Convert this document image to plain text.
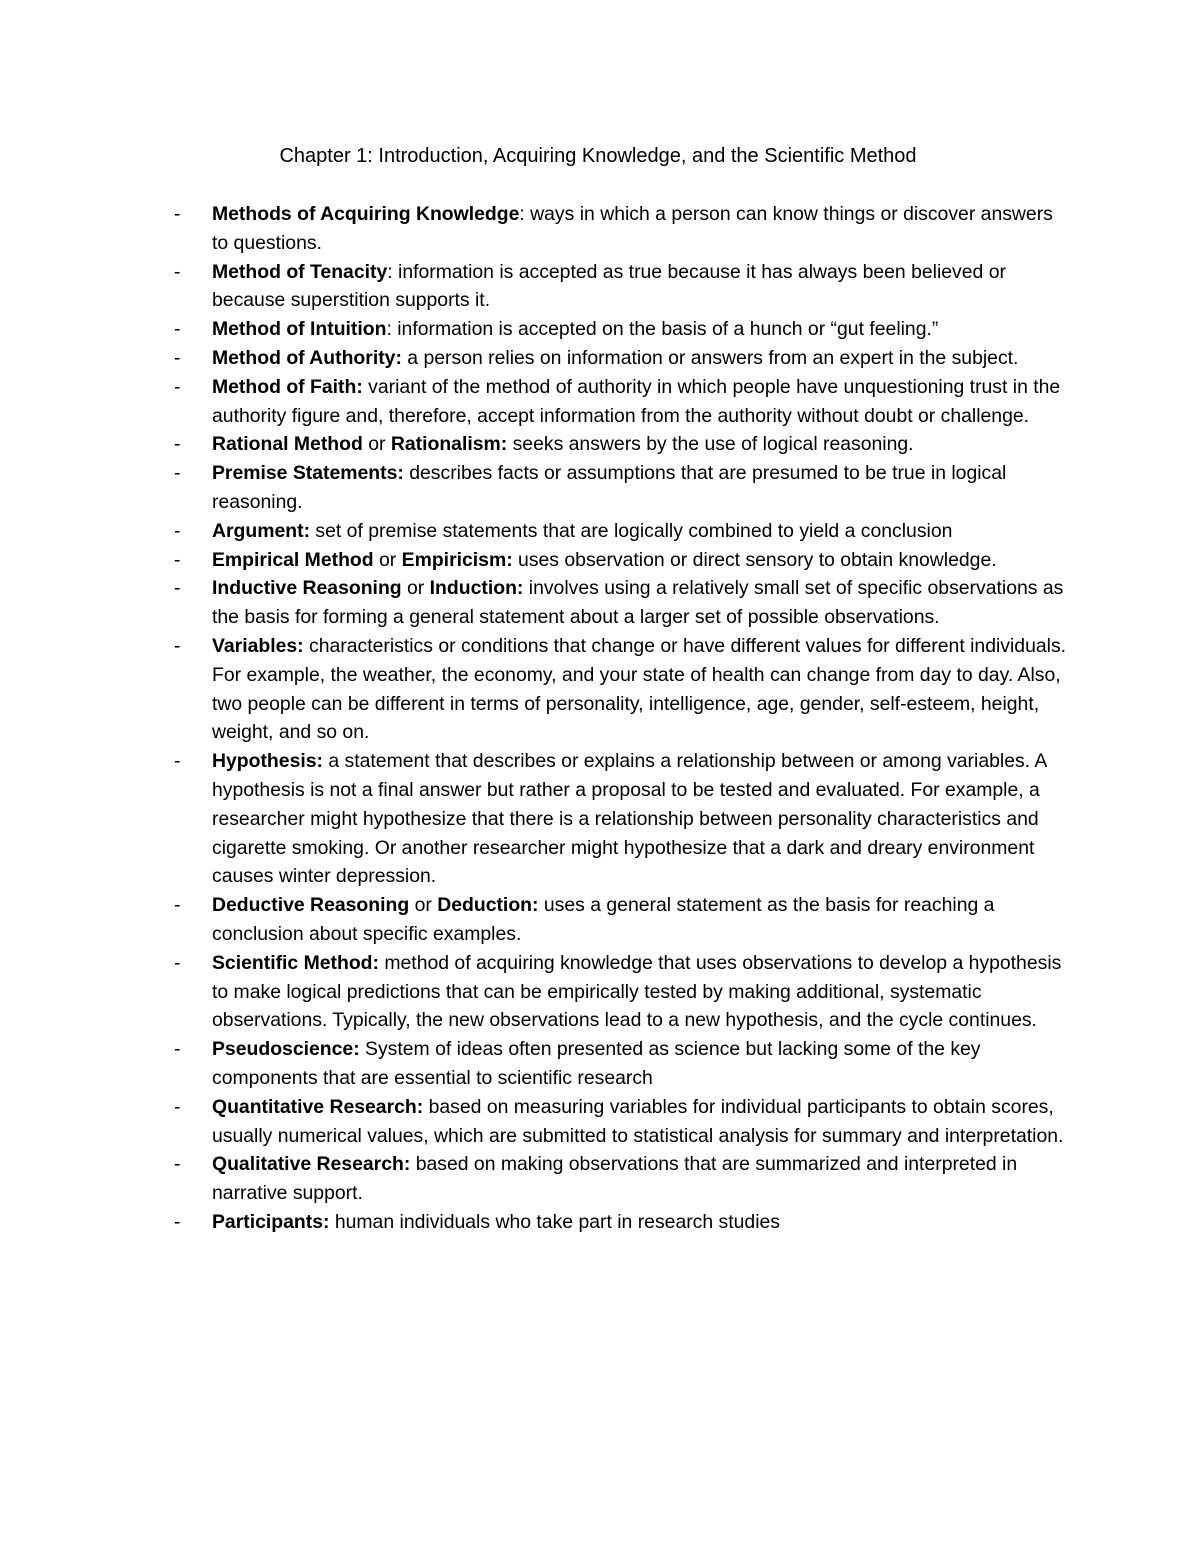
Chapter 1: Introduction, Acquiring Knowledge, and the Scientific Method
-	Methods of Acquiring Knowledge: ways in which a person can know things or discover answers to questions.
-	Method of Tenacity: information is accepted as true because it has always been believed or because superstition supports it.
-	Method of Intuition: information is accepted on the basis of a hunch or “gut feeling.”
-	Method of Authority: a person relies on information or answers from an expert in the subject.
-	Method of Faith: variant of the method of authority in which people have unquestioning trust in the authority figure and, therefore, accept information from the authority without doubt or challenge.
-	Rational Method or Rationalism: seeks answers by the use of logical reasoning.
-	Premise Statements: describes facts or assumptions that are presumed to be true in logical reasoning.
-	Argument: set of premise statements that are logically combined to yield a conclusion
-	Empirical Method or Empiricism: uses observation or direct sensory to obtain knowledge.
-	Inductive Reasoning or Induction: involves using a relatively small set of specific observations as the basis for forming a general statement about a larger set of possible observations.
-	Variables: characteristics or conditions that change or have different values for different individuals. For example, the weather, the economy, and your state of health can change from day to day. Also, two people can be different in terms of personality, intelligence, age, gender, self-esteem, height, weight, and so on.
-	Hypothesis: a statement that describes or explains a relationship between or among variables. A hypothesis is not a final answer but rather a proposal to be tested and evaluated. For example, a researcher might hypothesize that there is a relationship between personality characteristics and cigarette smoking. Or another researcher might hypothesize that a dark and dreary environment causes winter depression.
-	Deductive Reasoning or Deduction: uses a general statement as the basis for reaching a conclusion about specific examples.
-	Scientific Method: method of acquiring knowledge that uses observations to develop a hypothesis to make logical predictions that can be empirically tested by making additional, systematic observations. Typically, the new observations lead to a new hypothesis, and the cycle continues.
-	Pseudoscience: System of ideas often presented as science but lacking some of the key components that are essential to scientific research
-	Quantitative Research: based on measuring variables for individual participants to obtain scores, usually numerical values, which are submitted to statistical analysis for summary and interpretation.
-	Qualitative Research: based on making observations that are summarized and interpreted in narrative support.
-	Participants: human individuals who take part in research studies
